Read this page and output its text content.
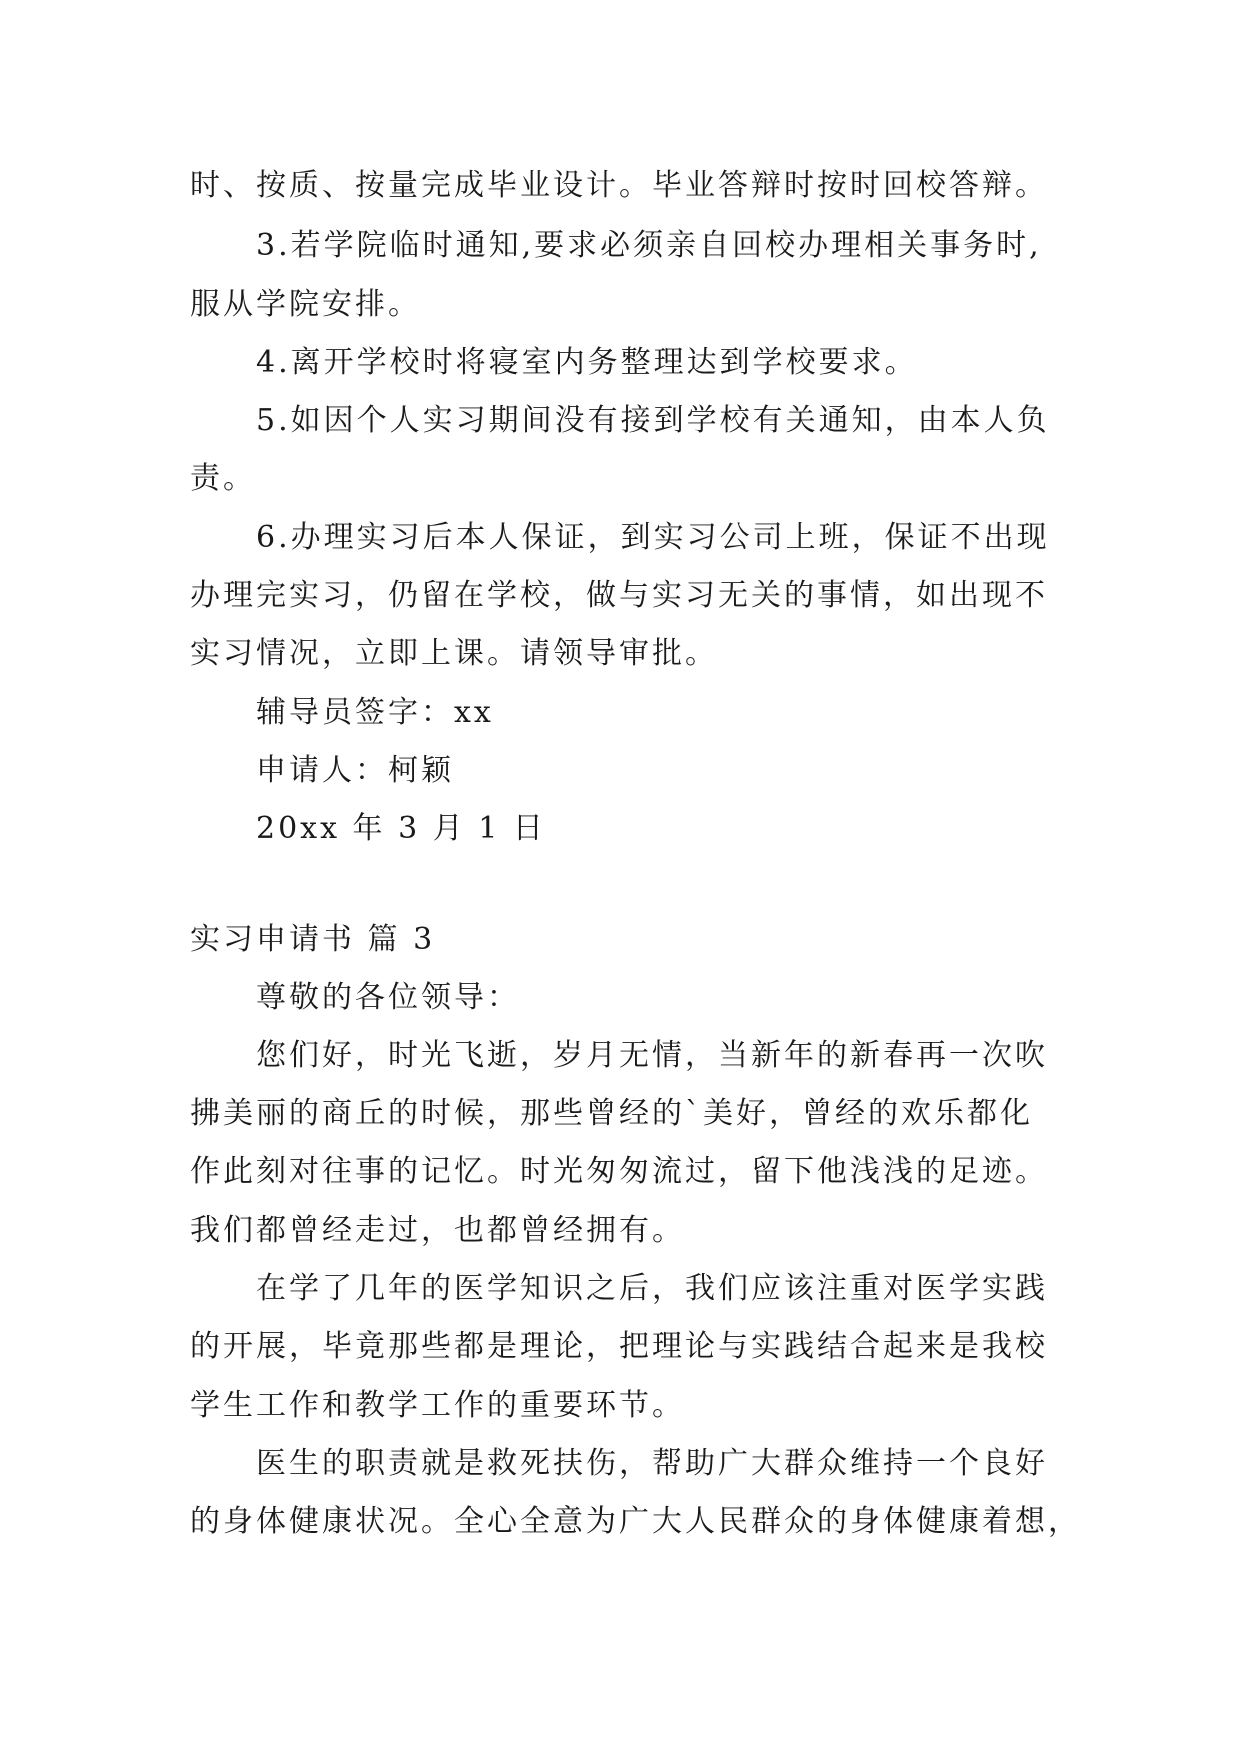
时、按质、按量完成毕业设计。毕业答辩时按时回校答辩。
3.若学院临时通知,要求必须亲自回校办理相关事务时,
服从学院安排。
4.离开学校时将寝室内务整理达到学校要求。
5.如因个人实习期间没有接到学校有关通知，由本人负
责。
6.办理实习后本人保证，到实习公司上班，保证不出现
办理完实习，仍留在学校，做与实习无关的事情，如出现不
实习情况，立即上课。请领导审批。
辅导员签字：xx
申请人：柯颖
20xx 年 3 月 1 日
实习申请书 篇 3
尊敬的各位领导：
您们好，时光飞逝，岁月无情，当新年的新春再一次吹
拂美丽的商丘的时候，那些曾经的`美好，曾经的欢乐都化
作此刻对往事的记忆。时光匆匆流过，留下他浅浅的足迹。
我们都曾经走过，也都曾经拥有。
在学了几年的医学知识之后，我们应该注重对医学实践
的开展，毕竟那些都是理论，把理论与实践结合起来是我校
学生工作和教学工作的重要环节。
医生的职责就是救死扶伤，帮助广大群众维持一个良好
的身体健康状况。全心全意为广大人民群众的身体健康着想，
